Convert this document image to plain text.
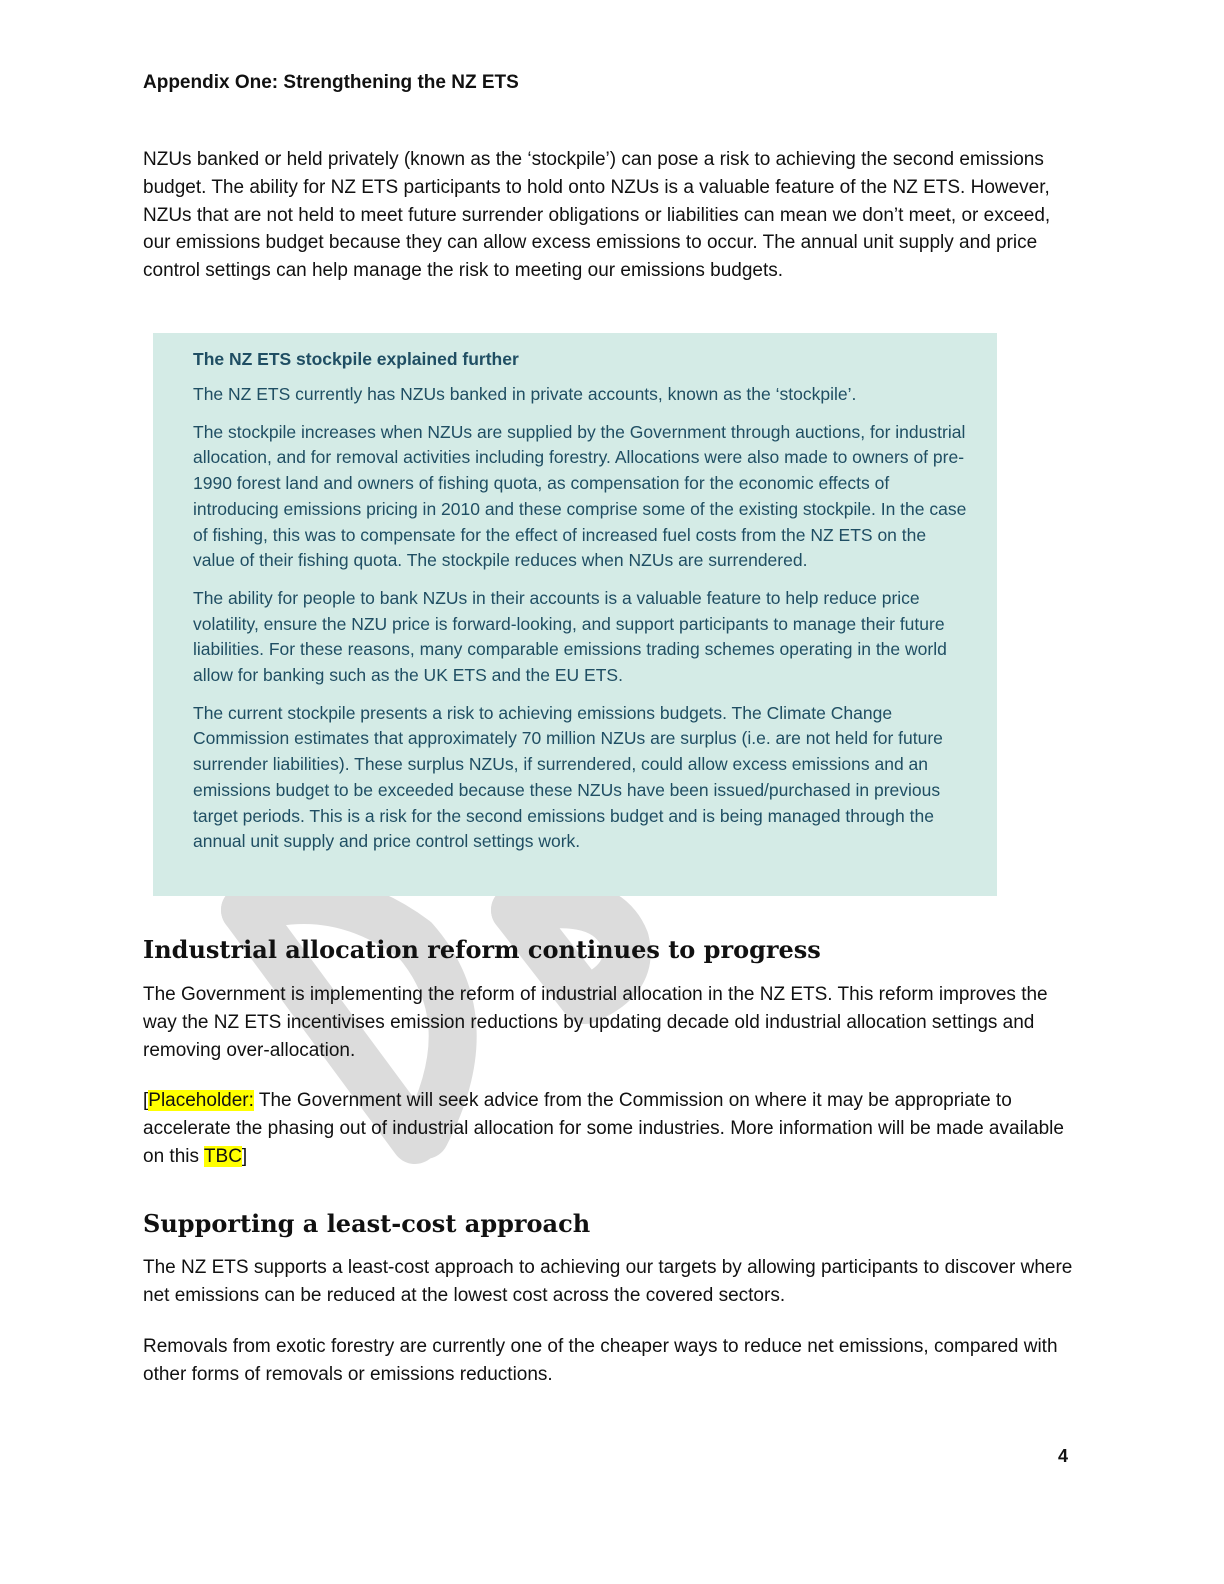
Appendix One: Strengthening the NZ ETS

NZUs banked or held privately (known as the ‘stockpile’) can pose a risk to achieving the second emissions budget. The ability for NZ ETS participants to hold onto NZUs is a valuable feature of the NZ ETS. However, NZUs that are not held to meet future surrender obligations or liabilities can mean we don’t meet, or exceed, our emissions budget because they can allow excess emissions to occur. The annual unit supply and price control settings can help manage the risk to meeting our emissions budgets.

The NZ ETS stockpile explained further

The NZ ETS currently has NZUs banked in private accounts, known as the ‘stockpile’.

The stockpile increases when NZUs are supplied by the Government through auctions, for industrial allocation, and for removal activities including forestry. Allocations were also made to owners of pre-1990 forest land and owners of fishing quota, as compensation for the economic effects of introducing emissions pricing in 2010 and these comprise some of the existing stockpile. In the case of fishing, this was to compensate for the effect of increased fuel costs from the NZ ETS on the value of their fishing quota. The stockpile reduces when NZUs are surrendered.

The ability for people to bank NZUs in their accounts is a valuable feature to help reduce price volatility, ensure the NZU price is forward-looking, and support participants to manage their future liabilities. For these reasons, many comparable emissions trading schemes operating in the world allow for banking such as the UK ETS and the EU ETS.

The current stockpile presents a risk to achieving emissions budgets. The Climate Change Commission estimates that approximately 70 million NZUs are surplus (i.e. are not held for future surrender liabilities). These surplus NZUs, if surrendered, could allow excess emissions and an emissions budget to be exceeded because these NZUs have been issued/purchased in previous target periods. This is a risk for the second emissions budget and is being managed through the annual unit supply and price control settings work.

Industrial allocation reform continues to progress

The Government is implementing the reform of industrial allocation in the NZ ETS. This reform improves the way the NZ ETS incentivises emission reductions by updating decade old industrial allocation settings and removing over-allocation.

[Placeholder: The Government will seek advice from the Commission on where it may be appropriate to accelerate the phasing out of industrial allocation for some industries. More information will be made available on this TBC]

Supporting a least-cost approach

The NZ ETS supports a least-cost approach to achieving our targets by allowing participants to discover where net emissions can be reduced at the lowest cost across the covered sectors.

Removals from exotic forestry are currently one of the cheaper ways to reduce net emissions, compared with other forms of removals or emissions reductions.

4
